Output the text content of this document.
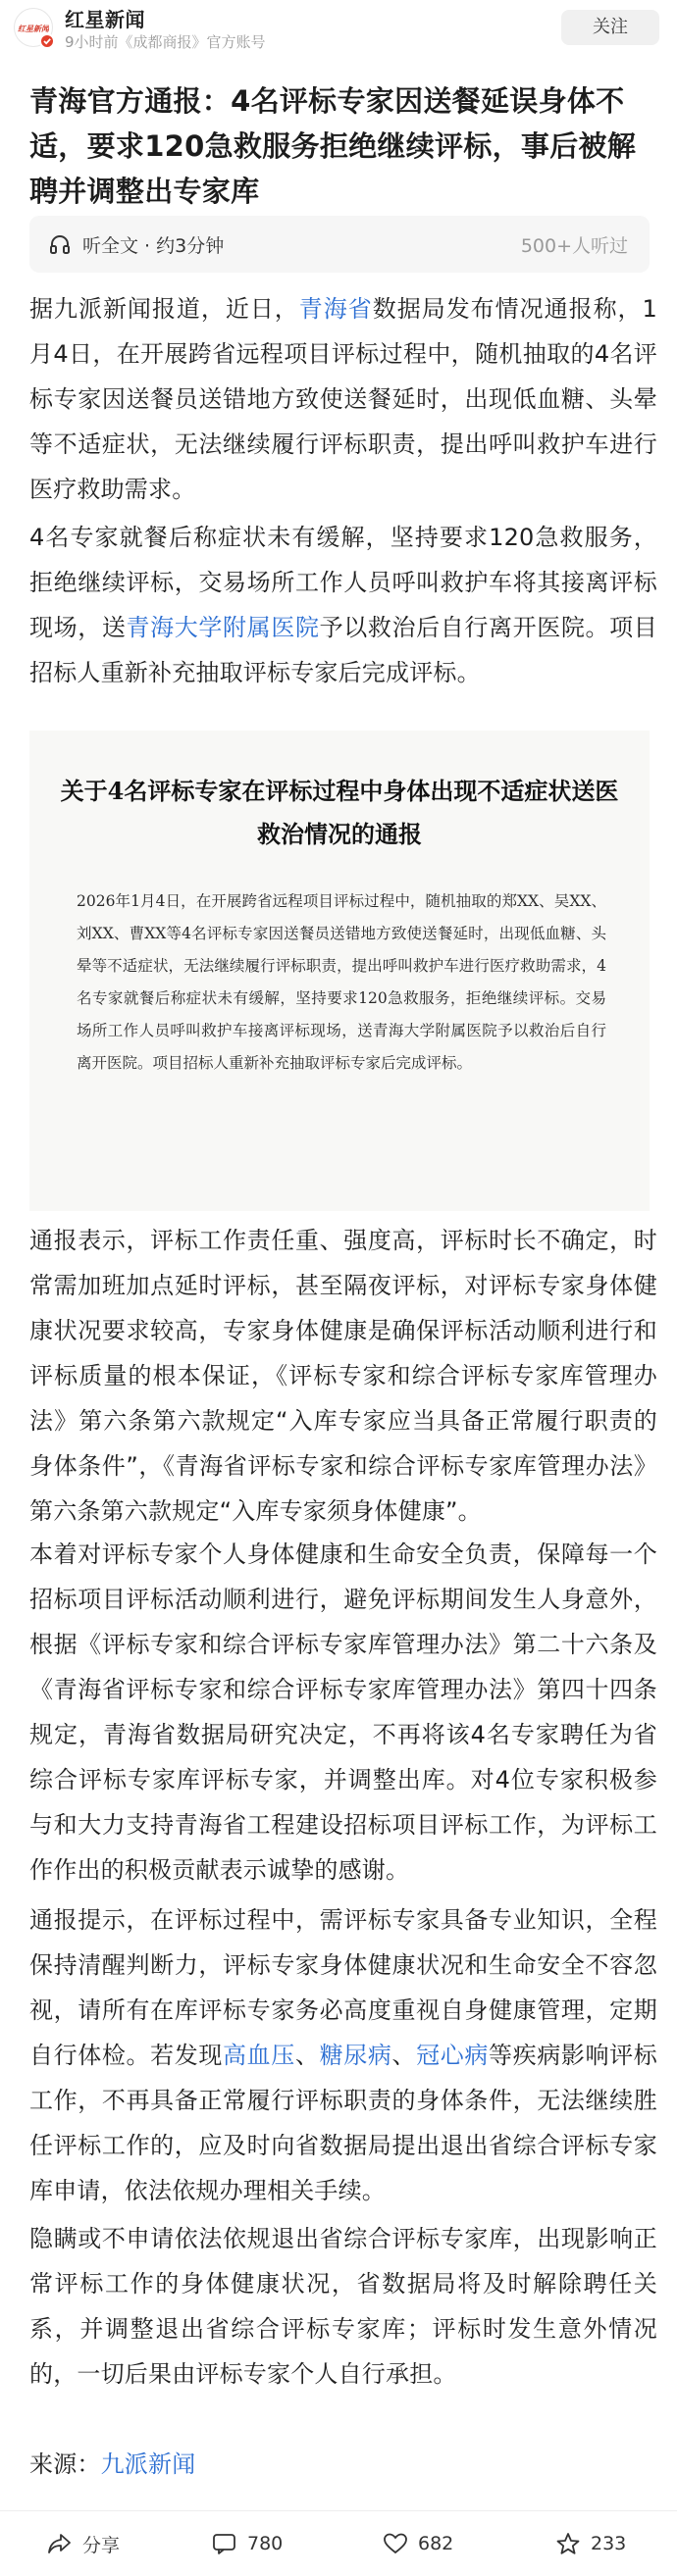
红星新闻 红星新闻
9小时前《成都商报》官方账号
关注
青海官方通报：4名评标专家因送餐延误身体不适，要求120急救服务拒绝继续评标，事后被解聘并调整出专家库
听全文 · 约3分钟	500+人听过

据九派新闻报道，近日，青海省数据局发布情况通报称，1月4日，在开展跨省远程项目评标过程中，随机抽取的4名评标专家因送餐员送错地方致使送餐延时，出现低血糖、头晕等不适症状，无法继续履行评标职责，提出呼叫救护车进行医疗救助需求。

4名专家就餐后称症状未有缓解，坚持要求120急救服务，拒绝继续评标，交易场所工作人员呼叫救护车将其接离评标现场，送青海大学附属医院予以救治后自行离开医院。项目招标人重新补充抽取评标专家后完成评标。

关于4名评标专家在评标过程中身体出现不适症状送医救治情况的通报
2026年1月4日，在开展跨省远程项目评标过程中，随机抽取的郑XX、吴XX、刘XX、曹XX等4名评标专家因送餐员送错地方致使送餐延时，出现低血糖、头晕等不适症状，无法继续履行评标职责，提出呼叫救护车进行医疗救助需求，4名专家就餐后称症状未有缓解，坚持要求120急救服务，拒绝继续评标。交易场所工作人员呼叫救护车接离评标现场，送青海大学附属医院予以救治后自行离开医院。项目招标人重新补充抽取评标专家后完成评标。

通报表示，评标工作责任重、强度高，评标时长不确定，时常需加班加点延时评标，甚至隔夜评标，对评标专家身体健康状况要求较高，专家身体健康是确保评标活动顺利进行和评标质量的根本保证，《评标专家和综合评标专家库管理办法》第六条第六款规定“入库专家应当具备正常履行职责的身体条件”，《青海省评标专家和综合评标专家库管理办法》第六条第六款规定“入库专家须身体健康”。

本着对评标专家个人身体健康和生命安全负责，保障每一个招标项目评标活动顺利进行，避免评标期间发生人身意外，根据《评标专家和综合评标专家库管理办法》第二十六条及《青海省评标专家和综合评标专家库管理办法》第四十四条规定，青海省数据局研究决定，不再将该4名专家聘任为省综合评标专家库评标专家，并调整出库。对4位专家积极参与和大力支持青海省工程建设招标项目评标工作，为评标工作作出的积极贡献表示诚挚的感谢。

通报提示，在评标过程中，需评标专家具备专业知识，全程保持清醒判断力，评标专家身体健康状况和生命安全不容忽视，请所有在库评标专家务必高度重视自身健康管理，定期自行体检。若发现高血压、糖尿病、冠心病等疾病影响评标工作，不再具备正常履行评标职责的身体条件，无法继续胜任评标工作的，应及时向省数据局提出退出省综合评标专家库申请，依法依规办理相关手续。

隐瞒或不申请依法依规退出省综合评标专家库，出现影响正常评标工作的身体健康状况，省数据局将及时解除聘任关系，并调整退出省综合评标专家库；评标时发生意外情况的，一切后果由评标专家个人自行承担。

来源：九派新闻

分享	780	682	233
